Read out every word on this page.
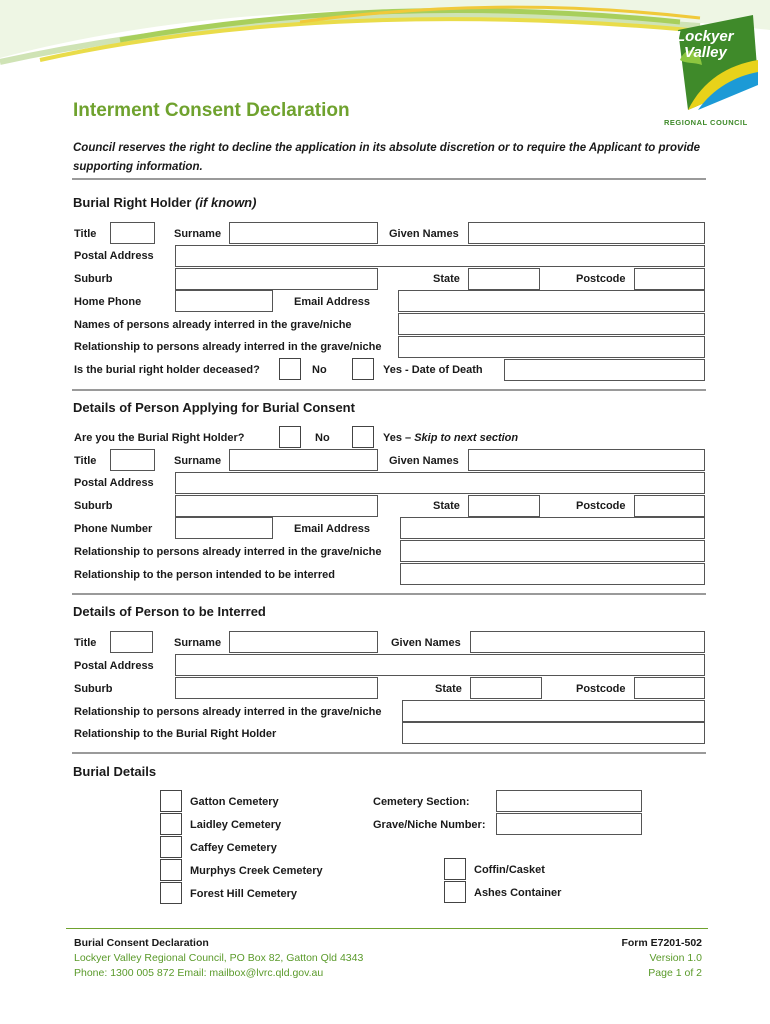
Lockyer
Valley
REGIONAL COUNCIL
Interment Consent Declaration
Council reserves the right to decline the application in its absolute discretion or to require the Applicant to provide supporting information.
Burial Right Holder (if known)
Title	Surname	Given Names
Postal Address
Suburb	State	Postcode
Home Phone	Email Address
Names of persons already interred in the grave/niche
Relationship to persons already interred in the grave/niche
Is the burial right holder deceased?	No	Yes - Date of Death
Details of Person Applying for Burial Consent
Are you the Burial Right Holder?	No	Yes – Skip to next section
Title	Surname	Given Names
Postal Address
Suburb	State	Postcode
Phone Number	Email Address
Relationship to persons already interred in the grave/niche
Relationship to the person intended to be interred
Details of Person to be Interred
Title	Surname	Given Names
Postal Address
Suburb	State	Postcode
Relationship to persons already interred in the grave/niche
Relationship to the Burial Right Holder
Burial Details
Gatton Cemetery
Laidley Cemetery
Caffey Cemetery
Murphys Creek Cemetery
Forest Hill Cemetery
Cemetery Section:
Grave/Niche Number:
Coffin/Casket
Ashes Container
Burial Consent Declaration
Lockyer Valley Regional Council, PO Box 82, Gatton Qld 4343
Phone: 1300 005 872 Email: mailbox@lvrc.qld.gov.au
Form E7201-502
Version 1.0
Page 1 of 2
